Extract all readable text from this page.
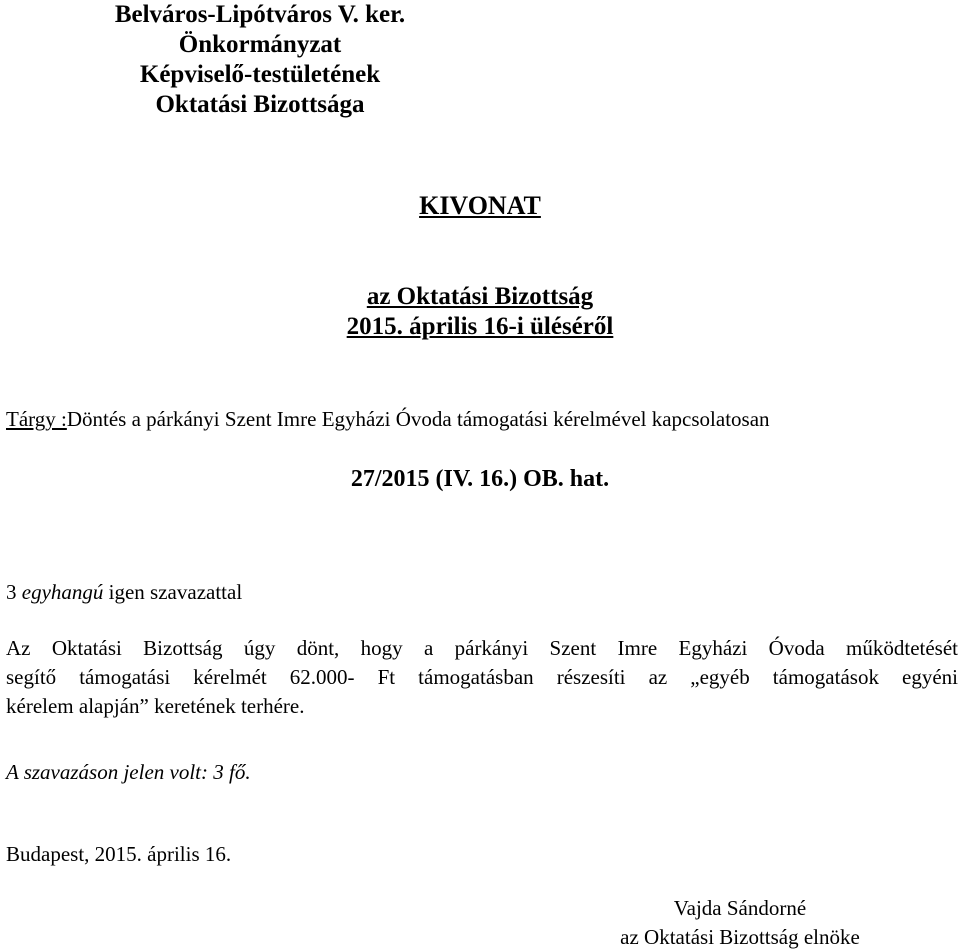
Belváros-Lipótváros V. ker.
Önkormányzat
Képviselő-testületének
Oktatási Bizottsága
KIVONAT
az Oktatási Bizottság
2015. április 16-i üléséről
Tárgy :Döntés a párkányi Szent Imre Egyházi Óvoda támogatási kérelmével kapcsolatosan
27/2015 (IV. 16.) OB. hat.
3 egyhangú igen szavazattal
Az Oktatási Bizottság úgy dönt, hogy a párkányi Szent Imre Egyházi Óvoda működtetését
segítő támogatási kérelmét 62.000- Ft támogatásban részesíti az „egyéb támogatások egyéni
kérelem alapján” keretének terhére.
A szavazáson jelen volt: 3 fő.
Budapest, 2015. április 16.
Vajda Sándorné
az Oktatási Bizottság elnöke
